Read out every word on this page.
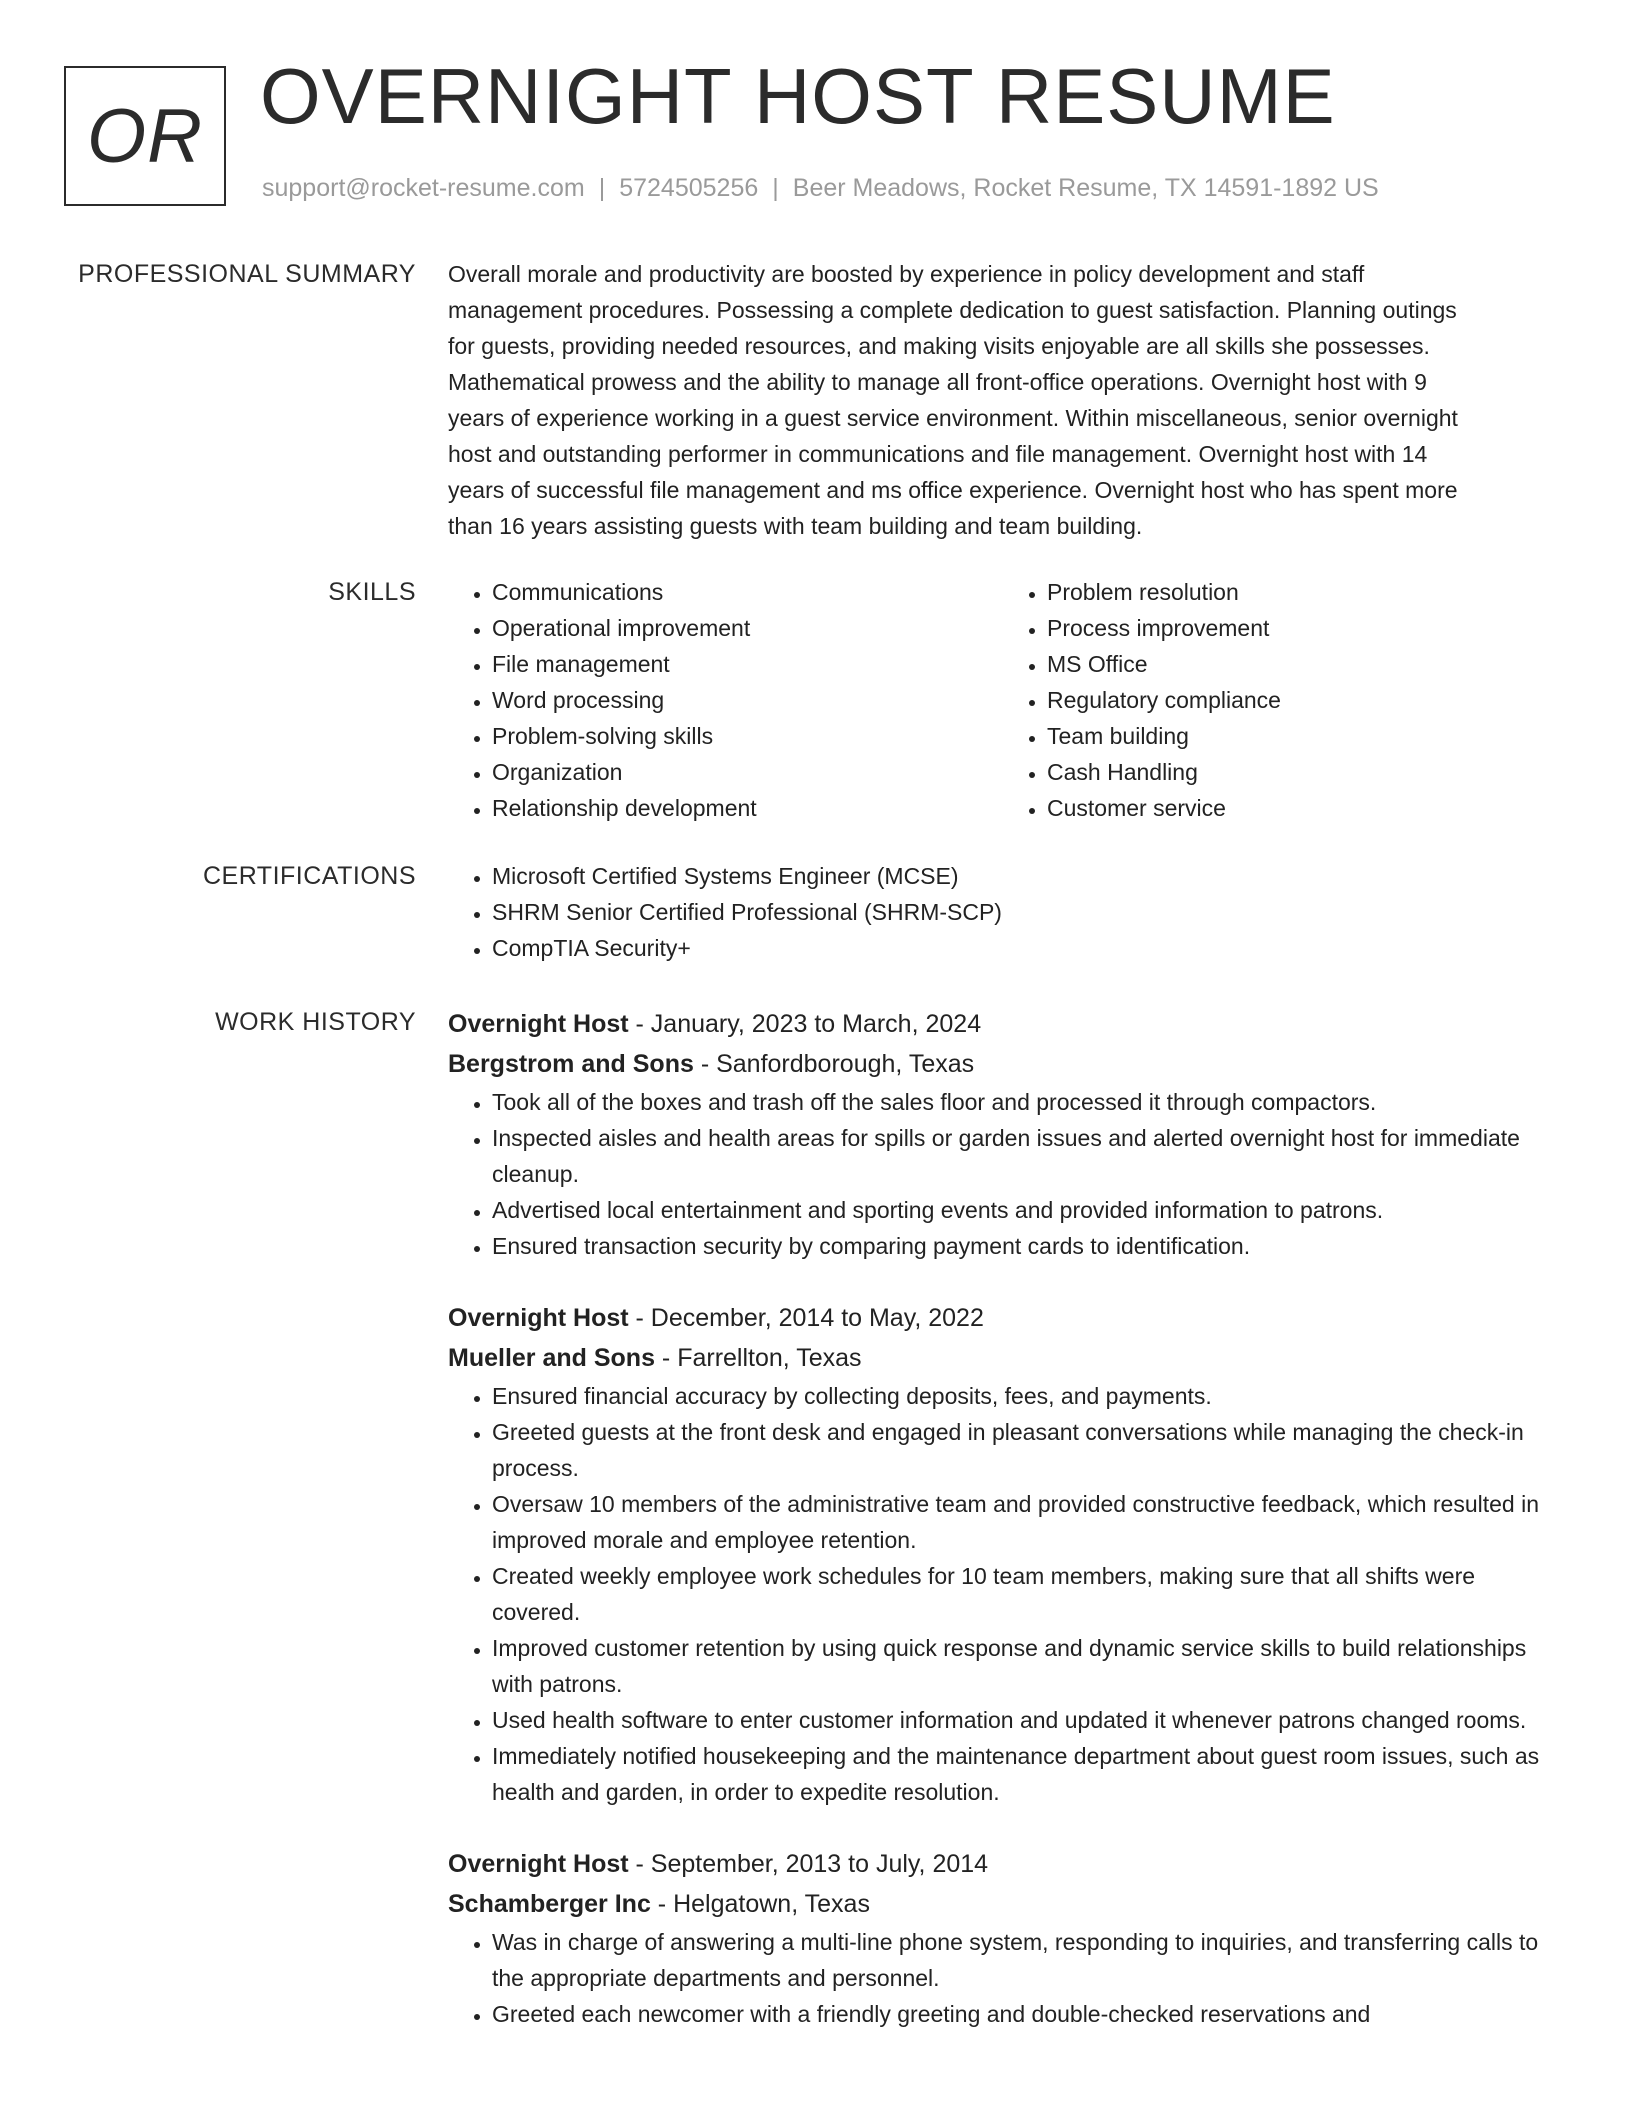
OR OVERNIGHT HOST RESUME
support@rocket-resume.com | 5724505256 | Beer Meadows, Rocket Resume, TX 14591-1892 US
PROFESSIONAL SUMMARY Overall morale and productivity are boosted by experience in policy development and staff
management procedures. Possessing a complete dedication to guest satisfaction. Planning outings
for guests, providing needed resources, and making visits enjoyable are all skills she possesses.
Mathematical prowess and the ability to manage all front-office operations. Overnight host with 9
years of experience working in a guest service environment. Within miscellaneous, senior overnight
host and outstanding performer in communications and file management. Overnight host with 14
years of successful file management and ms office experience. Overnight host who has spent more
than 16 years assisting guests with team building and team building.
SKILLS	• Communications
• Operational improvement
• File management
• Word processing
• Problem-solving skills
• Organization
• Relationship development
• Problem resolution
• Process improvement
• MS Office
• Regulatory compliance
• Team building
• Cash Handling
• Customer service
CERTIFICATIONS	• Microsoft Certified Systems Engineer (MCSE)
• SHRM Senior Certified Professional (SHRM-SCP)
• CompTIA Security+
WORK HISTORY Overnight Host - January, 2023 to March, 2024
Bergstrom and Sons - Sanfordborough, Texas
• Took all of the boxes and trash off the sales floor and processed it through compactors.
• Inspected aisles and health areas for spills or garden issues and alerted overnight host for immediate cleanup.
• Advertised local entertainment and sporting events and provided information to patrons.
• Ensured transaction security by comparing payment cards to identification.
Overnight Host - December, 2014 to May, 2022
Mueller and Sons - Farrellton, Texas
• Ensured financial accuracy by collecting deposits, fees, and payments.
• Greeted guests at the front desk and engaged in pleasant conversations while managing the check-in process.
• Oversaw 10 members of the administrative team and provided constructive feedback, which resulted in improved morale and employee retention.
• Created weekly employee work schedules for 10 team members, making sure that all shifts were covered.
• Improved customer retention by using quick response and dynamic service skills to build relationships with patrons.
• Used health software to enter customer information and updated it whenever patrons changed rooms.
• Immediately notified housekeeping and the maintenance department about guest room issues, such as health and garden, in order to expedite resolution.
Overnight Host - September, 2013 to July, 2014
Schamberger Inc - Helgatown, Texas
• Was in charge of answering a multi-line phone system, responding to inquiries, and transferring calls to the appropriate departments and personnel.
• Greeted each newcomer with a friendly greeting and double-checked reservations and
